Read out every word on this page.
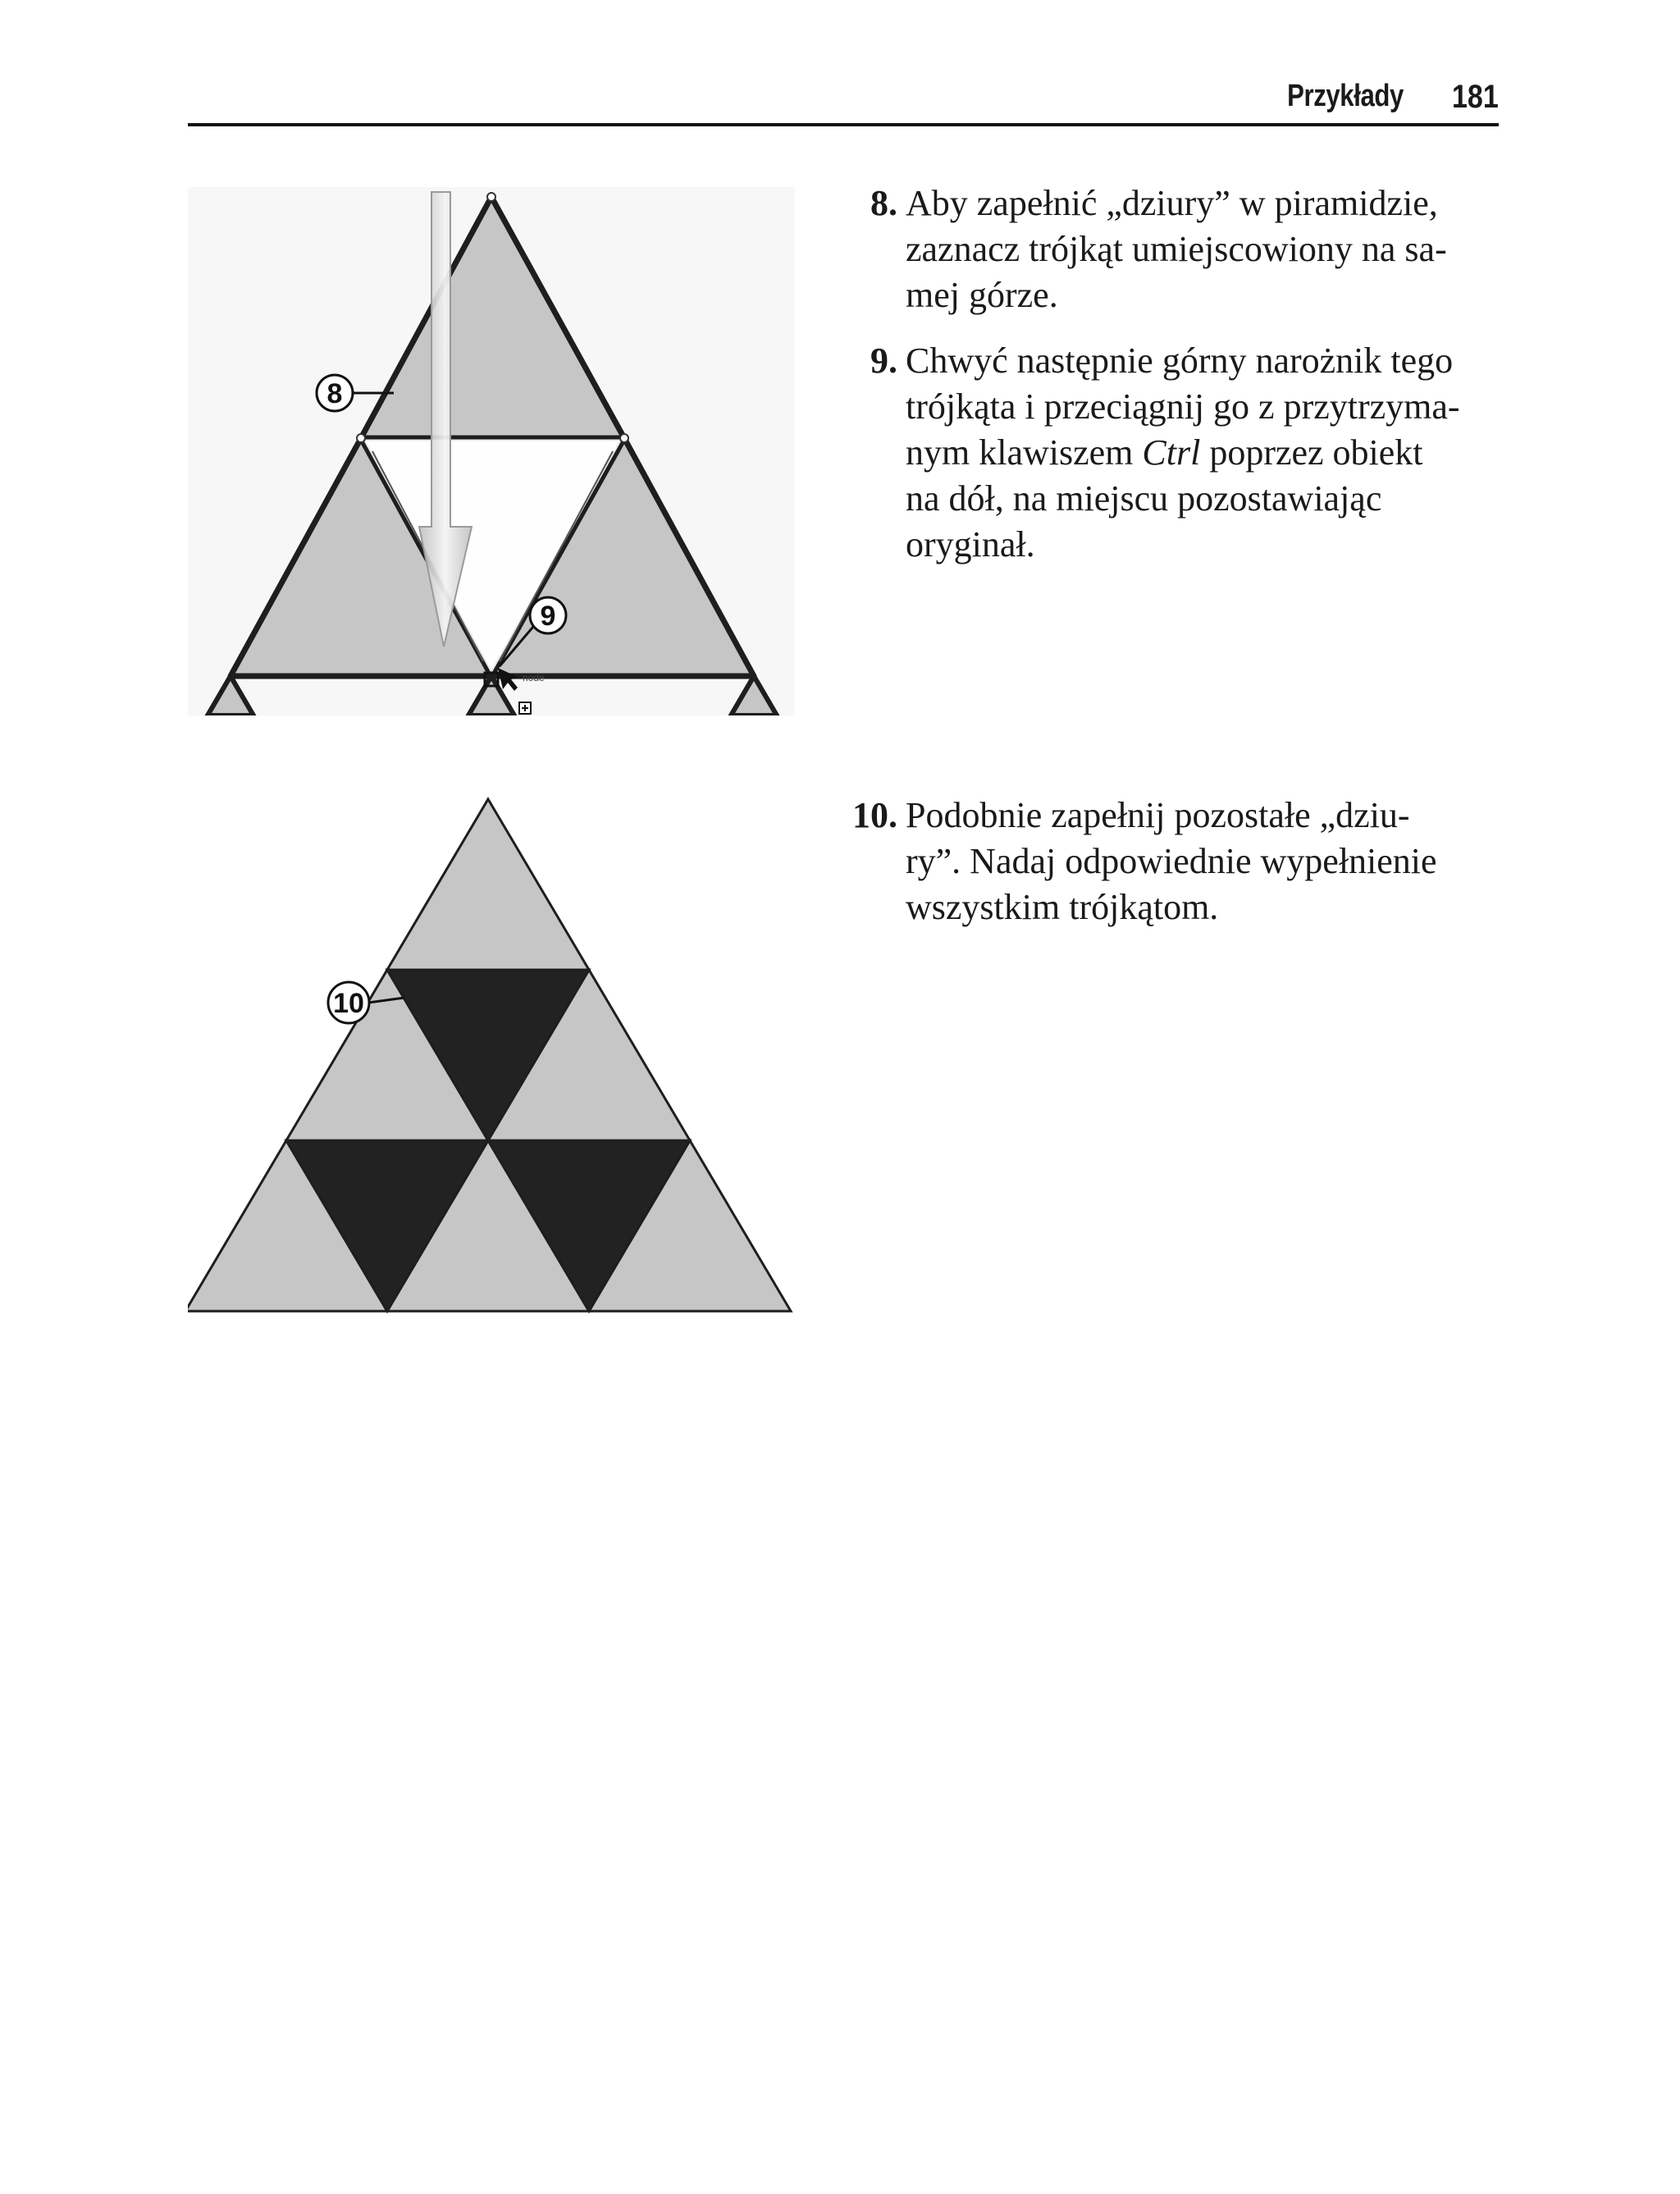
Przykłady 181
node
8
9
8. Aby zapełnić „dziury” w piramidzie,
zaznacz trójkąt umiejscowiony na sa-
mej górze.
9. Chwyć następnie górny narożnik tego
trójkąta i przeciągnij go z przytrzyma-
nym klawiszem Ctrl poprzez obiekt
na dół, na miejscu pozostawiając
oryginał.
10
10. Podobnie zapełnij pozostałe „dziu-
ry”. Nadaj odpowiednie wypełnienie
wszystkim trójkątom.
